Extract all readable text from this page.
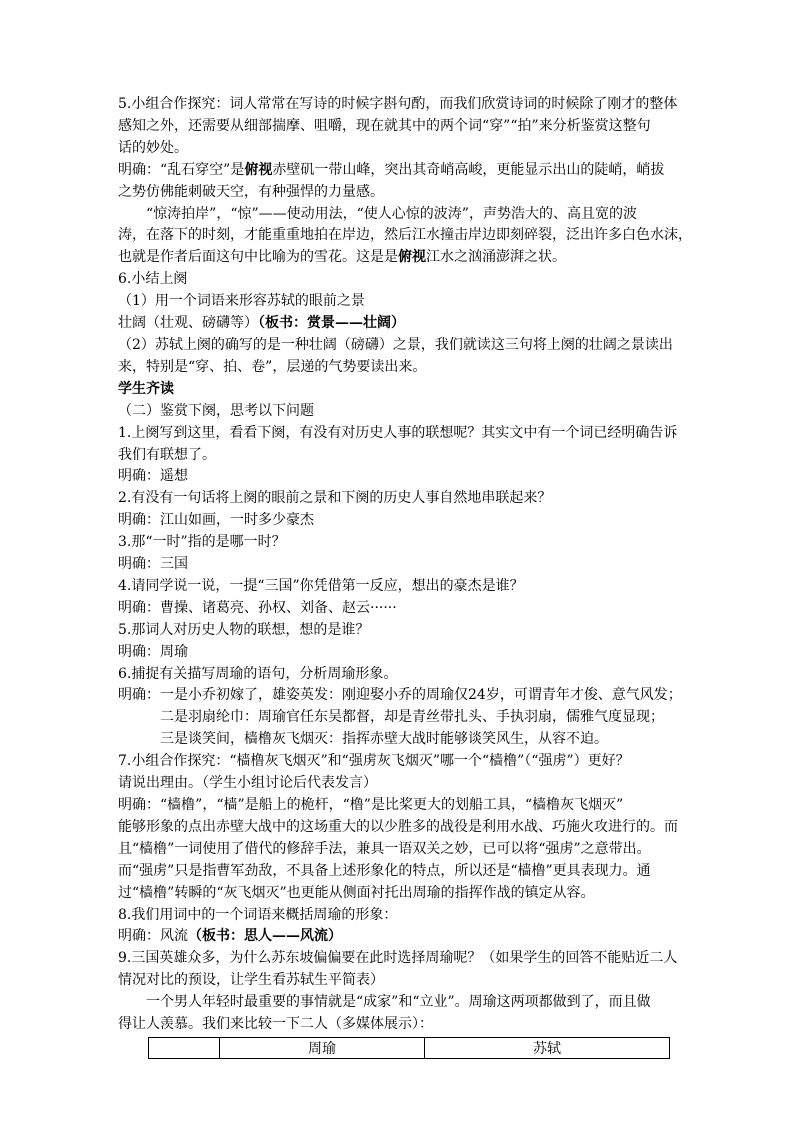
5.小组合作探究：词人常常在写诗的时候字斟句酌，而我们欣赏诗词的时候除了刚才的整体

感知之外，还需要从细部揣摩、咀嚼，现在就其中的两个词“穿”“拍”来分析鉴赏这整句

话的妙处。

明确：“乱石穿空”是俯视赤壁矶一带山峰，突出其奇峭高峻，更能显示出山的陡峭，峭拔

之势仿佛能刺破天空，有种强悍的力量感。

“惊涛拍岸”，“惊”——使动用法，“使人心惊的波涛”，声势浩大的、高且宽的波

涛，在落下的时刻，才能重重地拍在岸边，然后江水撞击岸边即刻碎裂，泛出许多白色水沫，

也就是作者后面这句中比喻为的雪花。这是是俯视江水之汹涌澎湃之状。

6.小结上阕

（1）用一个词语来形容苏轼的眼前之景

壮阔（壮观、磅礴等）（板书：赏景——壮阔）

（2）苏轼上阕的确写的是一种壮阔（磅礴）之景，我们就读这三句将上阕的壮阔之景读出

来，特别是“穿、拍、卷”，层递的气势要读出来。

学生齐读

（二）鉴赏下阕，思考以下问题

1.上阕写到这里，看看下阕，有没有对历史人事的联想呢？其实文中有一个词已经明确告诉

我们有联想了。

明确：遥想

2.有没有一句话将上阕的眼前之景和下阕的历史人事自然地串联起来？

明确：江山如画，一时多少豪杰

3.那“一时”指的是哪一时？

明确：三国

4.请同学说一说，一提“三国”你凭借第一反应，想出的豪杰是谁？

明确：曹操、诸葛亮、孙权、刘备、赵云······

5.那词人对历史人物的联想，想的是谁？

明确：周瑜

6.捕捉有关描写周瑜的语句，分析周瑜形象。

明确：一是小乔初嫁了，雄姿英发：刚迎娶小乔的周瑜仅24岁，可谓青年才俊、意气风发；

二是羽扇纶巾：周瑜官任东吴都督，却是青丝带扎头、手执羽扇，儒雅气度显现；

三是谈笑间，樯橹灰飞烟灭：指挥赤壁大战时能够谈笑风生，从容不迫。

7.小组合作探究：“樯橹灰飞烟灭”和“强虏灰飞烟灭”哪一个“樯橹”（“强虏”）更好？

请说出理由。（学生小组讨论后代表发言）

明确：“樯橹”，“樯”是船上的桅杆，“橹”是比桨更大的划船工具，“樯橹灰飞烟灭”

能够形象的点出赤壁大战中的这场重大的以少胜多的战役是利用水战、巧施火攻进行的。而

且“樯橹”一词使用了借代的修辞手法，兼具一语双关之妙，已可以将“强虏”之意带出。

而“强虏”只是指曹军劲敌，不具备上述形象化的特点，所以还是“樯橹”更具表现力。通

过“樯橹”转瞬的“灰飞烟灭”也更能从侧面衬托出周瑜的指挥作战的镇定从容。

8.我们用词中的一个词语来概括周瑜的形象：

明确：风流（板书：思人——风流）

9.三国英雄众多，为什么苏东坡偏偏要在此时选择周瑜呢？（如果学生的回答不能贴近二人

情况对比的预设，让学生看苏轼生平简表）

一个男人年轻时最重要的事情就是“成家”和“立业”。周瑜这两项都做到了，而且做

得让人羡慕。我们来比较一下二人（多媒体展示）：

	周瑜	苏轼
